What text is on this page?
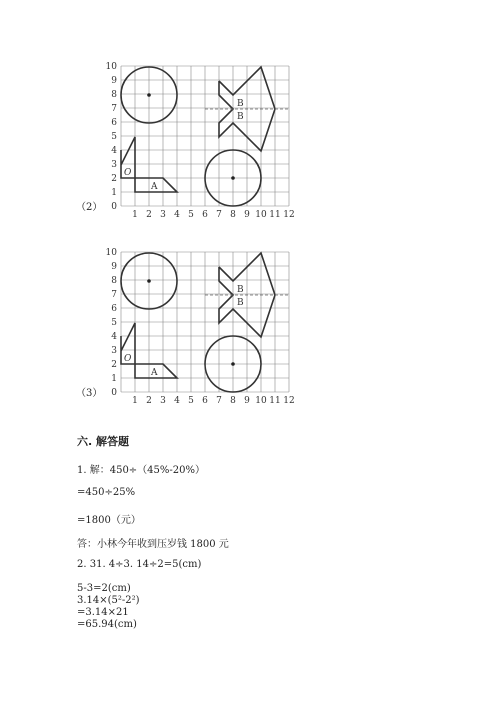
B
B
O
A
1 2 3 4 5 6 7 8 9 10 11 12
0
1
2
3
4
5
6
7
8
9
10
（2）
B
B
O
A
1 2 3 4 5 6 7 8 9 10 11 12
0
1
2
3
4
5
6
7
8
9
10
（3）
六. 解答题
1. 解：450÷（45%-20%）
=450÷25%
=1800（元）
答：小林今年收到压岁钱 1800 元
2. 31. 4÷3. 14÷2=5(cm)
5-3=2(cm)
3.14×(5²-2²)
=3.14×21
=65.94(cm)
